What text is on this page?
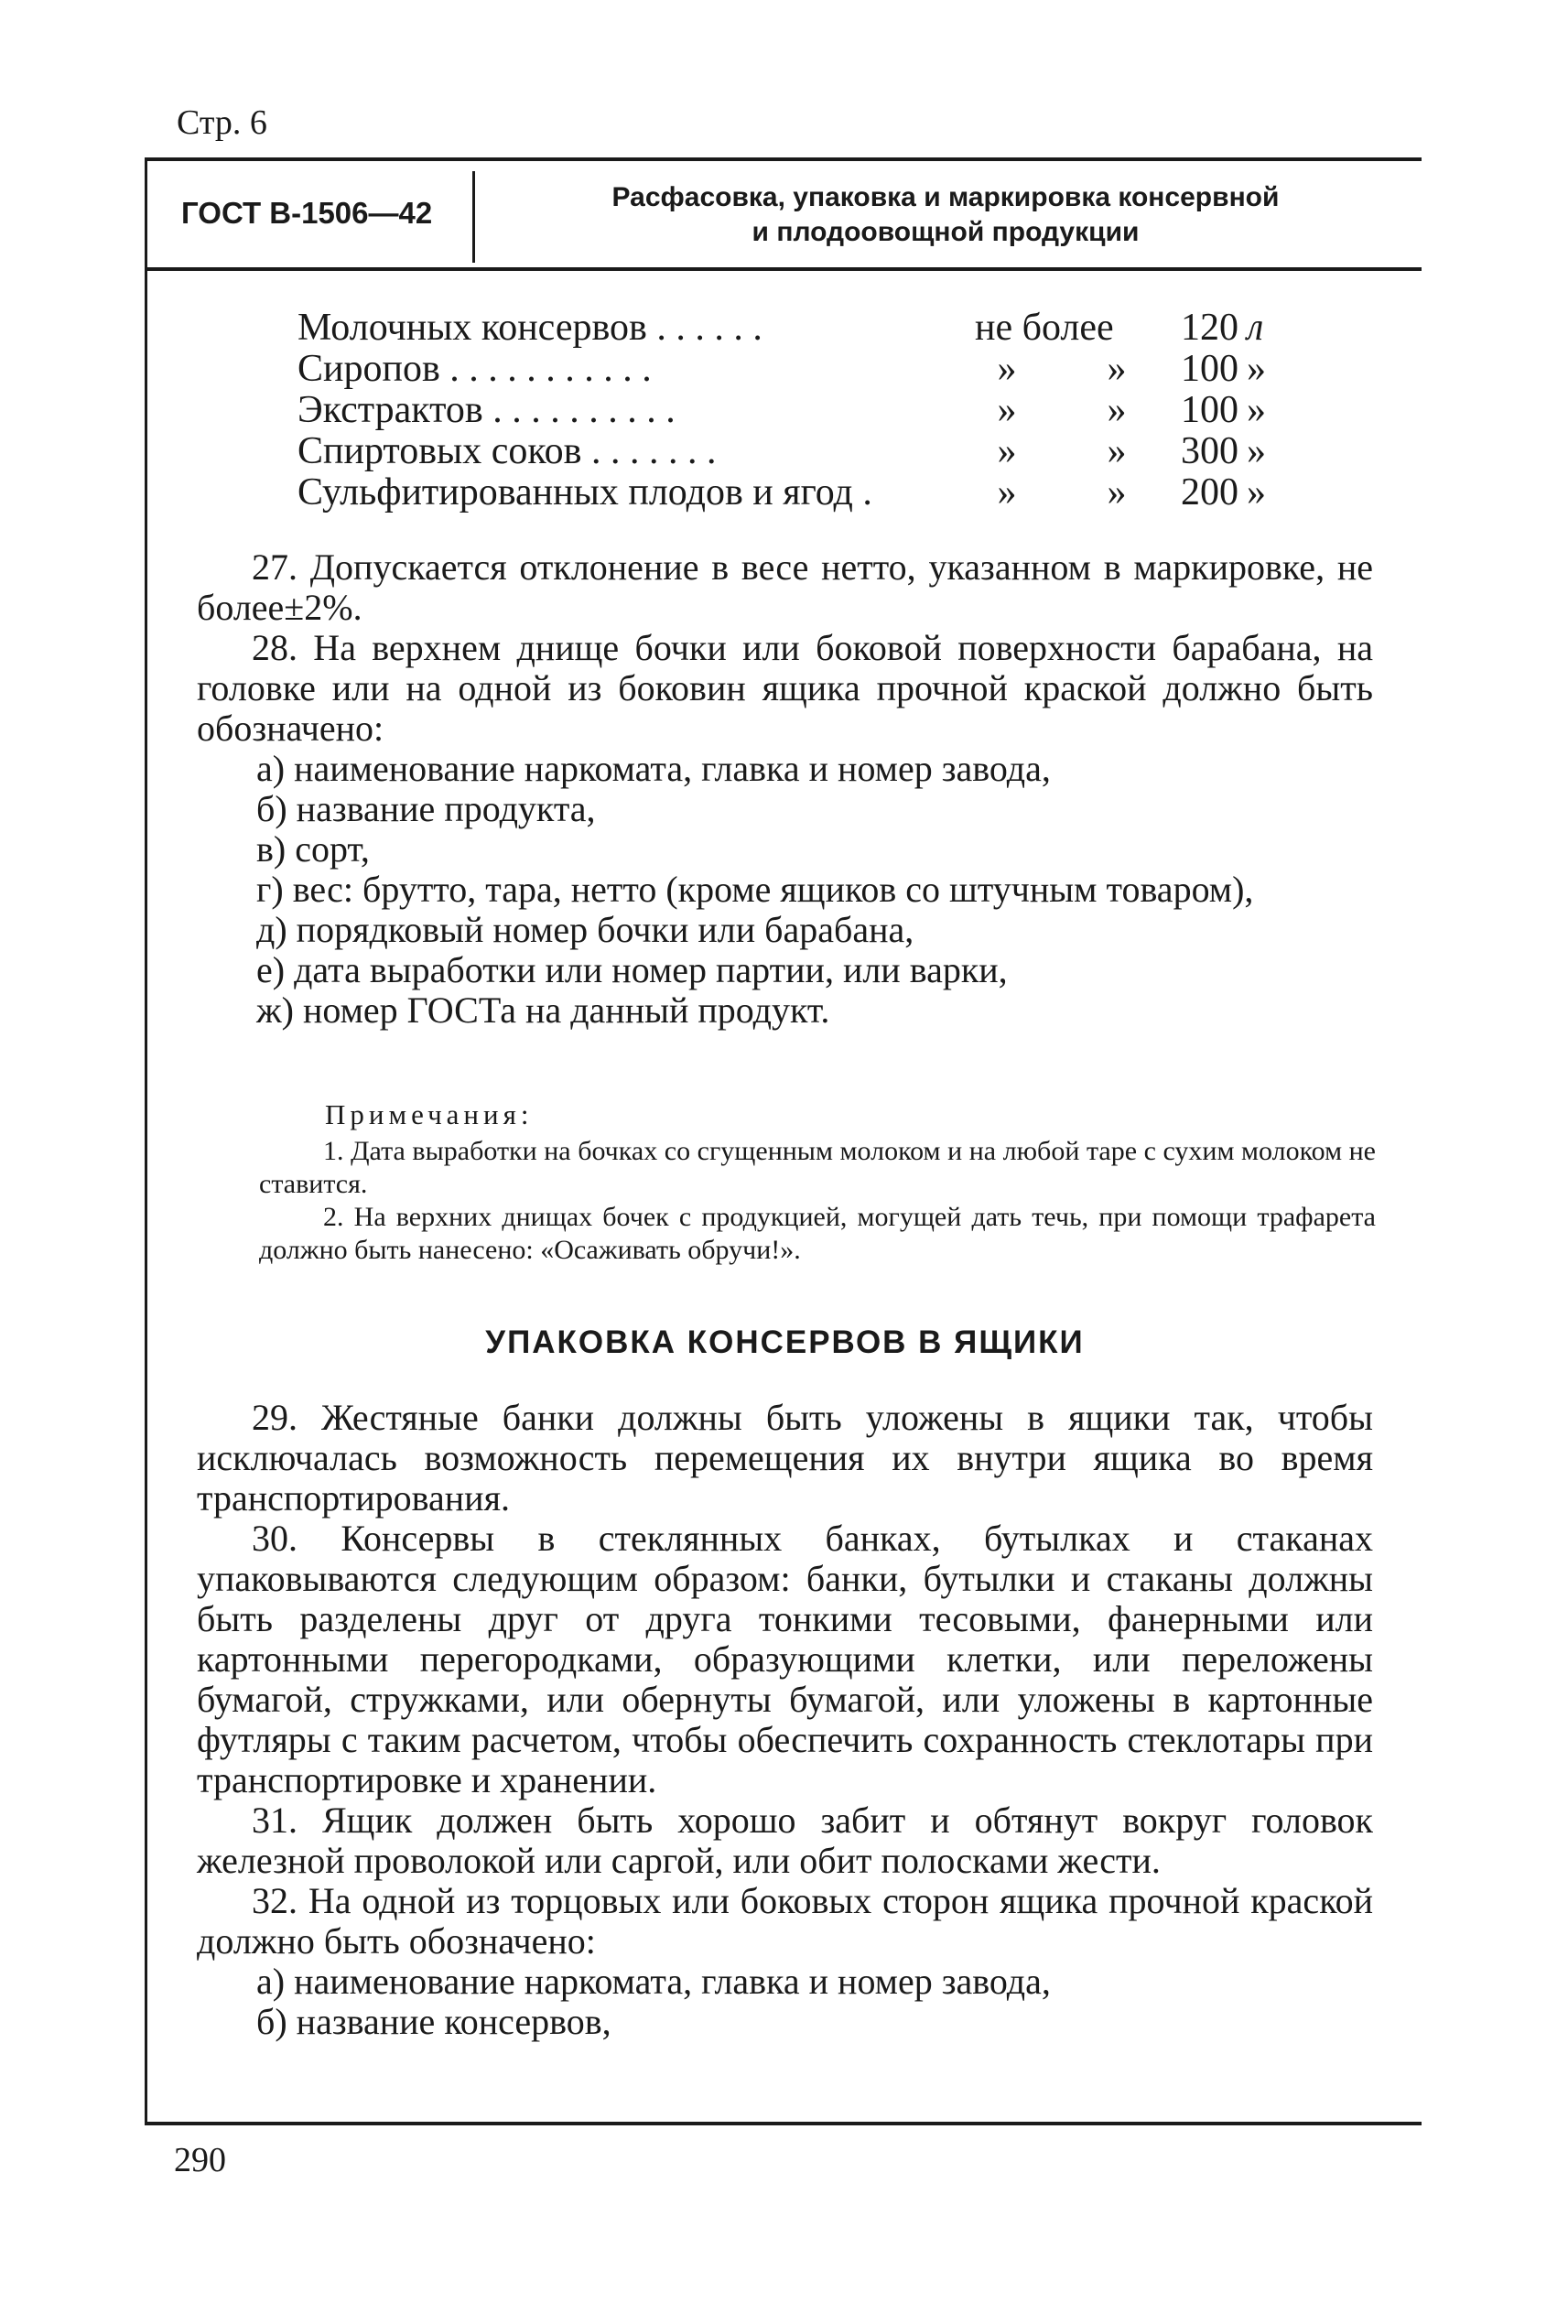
Стр. 6
ГОСТ В-1506—42	Расфасовка, упаковка и маркировка консервной
и плодоовощной продукции
Молочных консервов . . . . . .	не более	120 л
Сиропов . . . . . . . . . . .	»	»	100 »
Экстрактов . . . . . . . . . .	»	»	100 »
Спиртовых соков . . . . . . .	»	»	300 »
Сульфитированных плодов и ягод .	»	»	200 »

27. Допускается отклонение в весе нетто, указанном в маркировке, не более±2%.

28. На верхнем днище бочки или боковой поверхности барабана, на головке или на одной из боковин ящика прочной краской должно быть обозначено:

а) наименование наркомата, главка и номер завода,

б) название продукта,

в) сорт,

г) вес: брутто, тара, нетто (кроме ящиков со штучным товаром),

д) порядковый номер бочки или барабана,

е) дата выработки или номер партии, или варки,

ж) номер ГОСТа на данный продукт.

Примечания:

1. Дата выработки на бочках со сгущенным молоком и на любой таре с сухим молоком не ставится.

2. На верхних днищах бочек с продукцией, могущей дать течь, при помощи трафарета должно быть нанесено: «Осаживать обручи!».

УПАКОВКА КОНСЕРВОВ В ЯЩИКИ

29. Жестяные банки должны быть уложены в ящики так, чтобы исключалась возможность перемещения их внутри ящика во время транспортирования.

30. Консервы в стеклянных банках, бутылках и стаканах упаковываются следующим образом: банки, бутылки и стаканы должны быть разделены друг от друга тонкими тесовыми, фанерными или картонными перегородками, образующими клетки, или переложены бумагой, стружками, или обернуты бумагой, или уложены в картонные футляры с таким расчетом, чтобы обеспечить сохранность стеклотары при транспортировке и хранении.

31. Ящик должен быть хорошо забит и обтянут вокруг головок железной проволокой или саргой, или обит полосками жести.

32. На одной из торцовых или боковых сторон ящика прочной краской должно быть обозначено:

а) наименование наркомата, главка и номер завода,

б) название консервов,

290
